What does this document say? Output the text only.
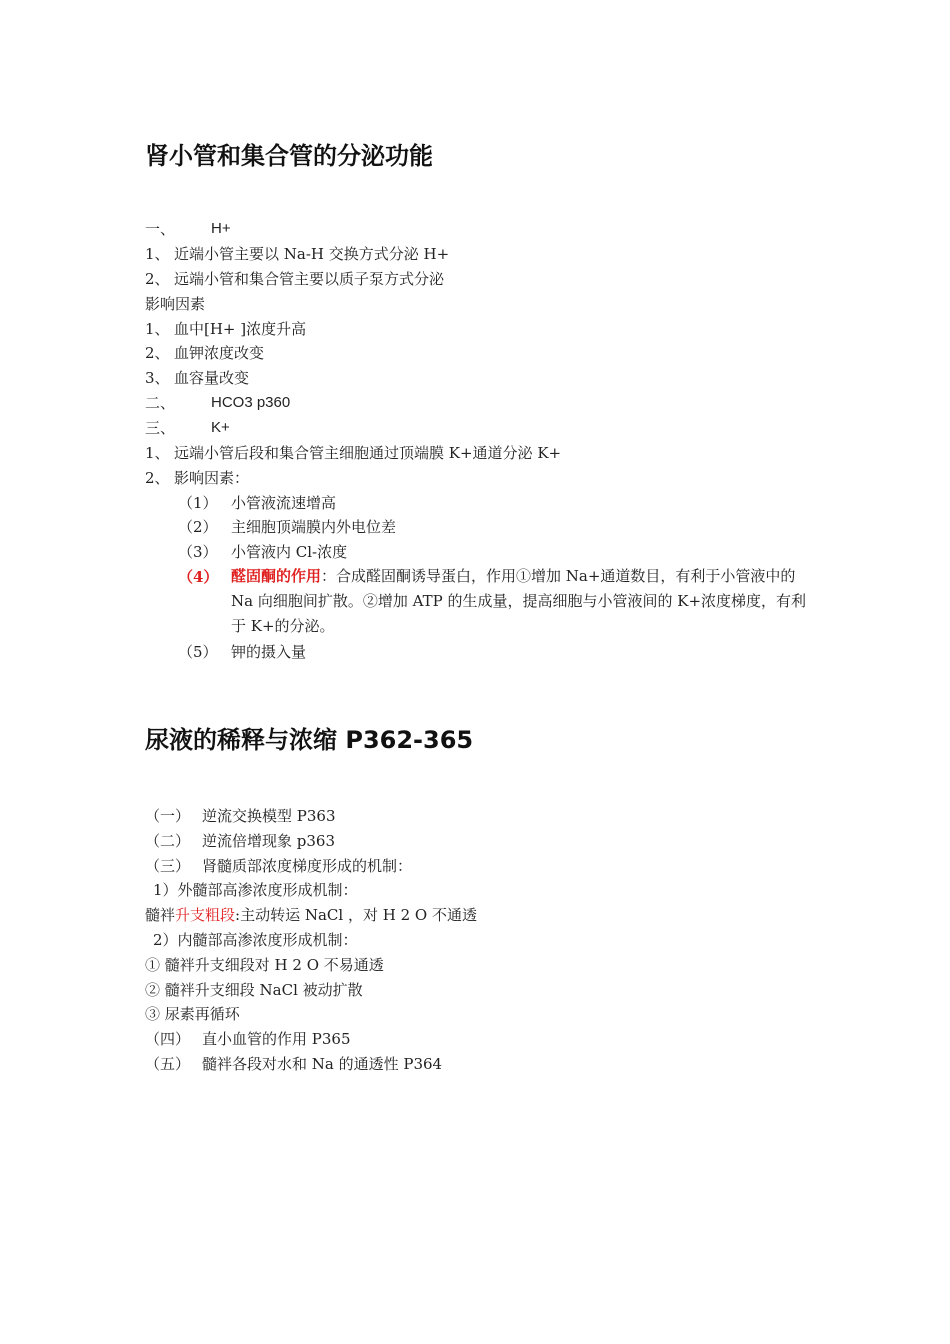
肾小管和集合管的分泌功能
一、 H+
1、 近端小管主要以 Na-H 交换方式分泌 H+
2、 远端小管和集合管主要以质子泵方式分泌
影响因素
1、 血中[H+ ]浓度升高
2、 血钾浓度改变
3、 血容量改变
二、 HCO3 p360
三、 K+
1、 远端小管后段和集合管主细胞通过顶端膜 K+通道分泌 K+
2、 影响因素：
（1） 小管液流速增高
（2） 主细胞顶端膜内外电位差
（3） 小管液内 Cl-浓度
（4） 醛固酮的作用：合成醛固酮诱导蛋白，作用①增加 Na+通道数目，有利于小管液中的 Na 向细胞间扩散。②增加 ATP 的生成量，提高细胞与小管液间的 K+浓度梯度，有利于 K+的分泌。
（5） 钾的摄入量
尿液的稀释与浓缩 P362-365
（一） 逆流交换模型 P363
（二） 逆流倍增现象 p363
（三） 肾髓质部浓度梯度形成的机制：
1）外髓部高渗浓度形成机制：
髓袢升支粗段:主动转运 NaCl ，对 H 2 O 不通透
2）内髓部高渗浓度形成机制：
① 髓袢升支细段对 H 2 O 不易通透
② 髓袢升支细段 NaCl 被动扩散
③ 尿素再循环
（四） 直小血管的作用 P365
（五） 髓袢各段对水和 Na 的通透性 P364
